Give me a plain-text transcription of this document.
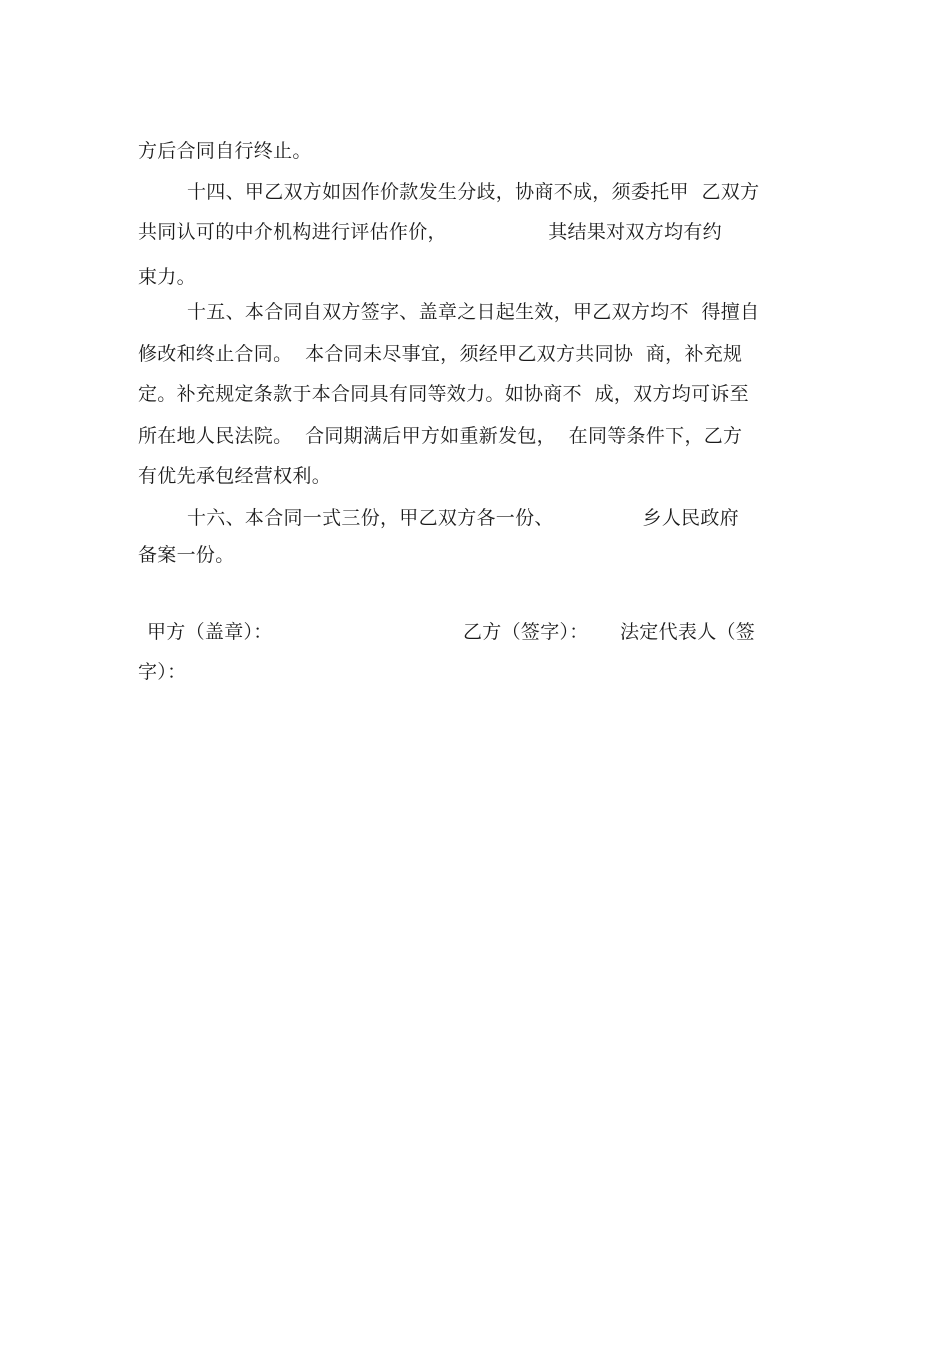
方后合同自行终止。
十四、甲乙双方如因作价款发生分歧，协商不成，须委托甲  乙双方
共同认可的中介机构进行评估作价，                其结果对双方均有约
束力。
十五、本合同自双方签字、盖章之日起生效，甲乙双方均不  得擅自
修改和终止合同。  本合同未尽事宜，须经甲乙双方共同协  商，补充规
定。补充规定条款于本合同具有同等效力。如协商不  成，双方均可诉至
所在地人民法院。  合同期满后甲方如重新发包，  在同等条件下，乙方
有优先承包经营权利。
十六、本合同一式三份，甲乙双方各一份、              乡人民政府
备案一份。
甲方（盖章）：	乙方（签字）： 法定代表人（签
字）：
